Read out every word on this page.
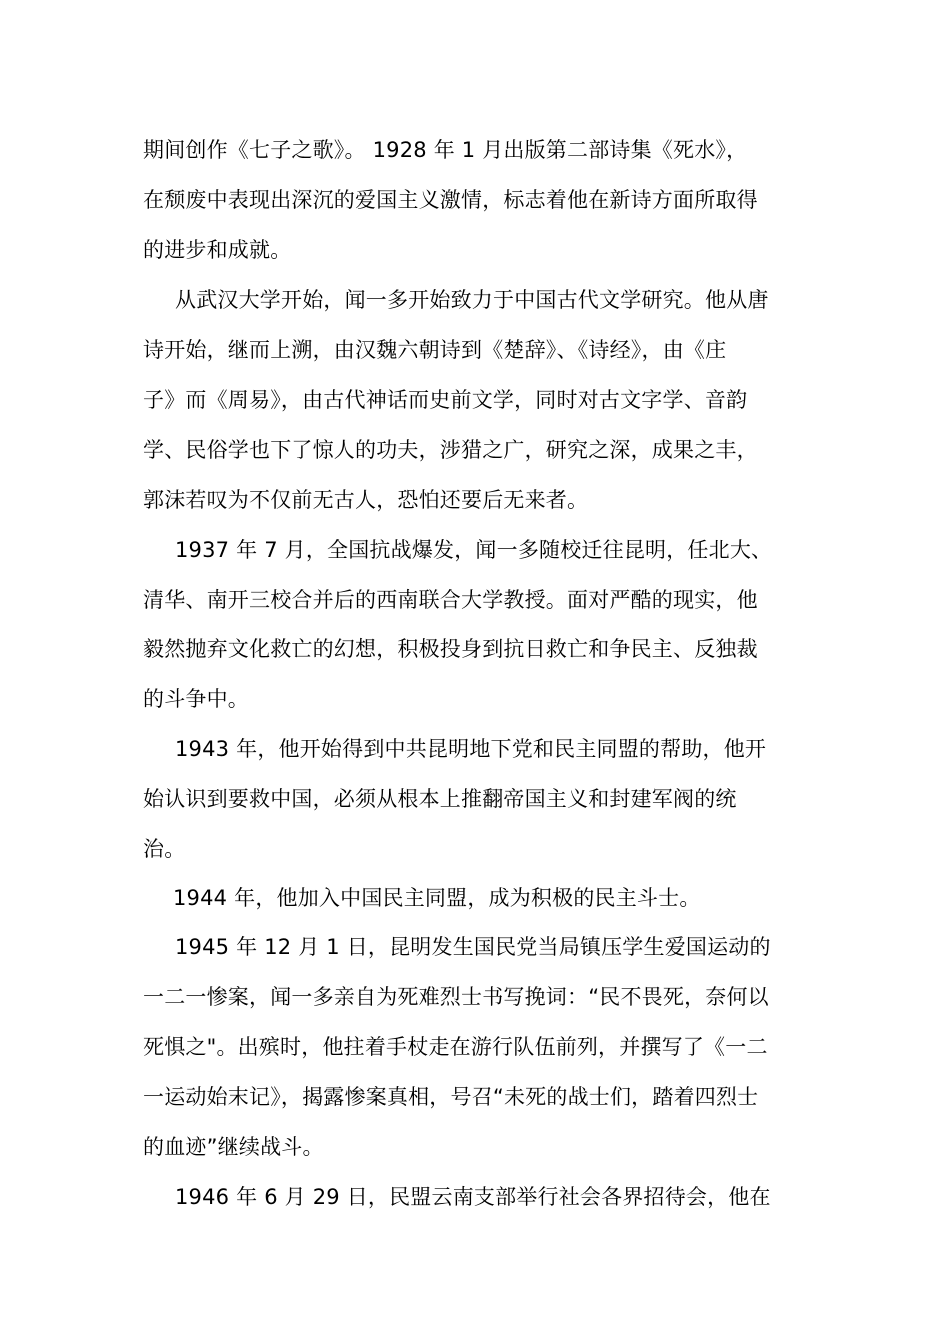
期间创作《七子之歌》。 1928 年 1 月出版第二部诗集《死水》，
在颓废中表现出深沉的爱国主义激情，标志着他在新诗方面所取得
的进步和成就。
从武汉大学开始，闻一多开始致力于中国古代文学研究。他从唐
诗开始，继而上溯，由汉魏六朝诗到《楚辞》、《诗经》，由《庄
子》而《周易》，由古代神话而史前文学，同时对古文字学、音韵
学、民俗学也下了惊人的功夫，涉猎之广，研究之深，成果之丰，
郭沫若叹为不仅前无古人，恐怕还要后无来者。
1937 年 7 月，全国抗战爆发，闻一多随校迁往昆明，任北大、
清华、南开三校合并后的西南联合大学教授。面对严酷的现实，他
毅然抛弃文化救亡的幻想，积极投身到抗日救亡和争民主、反独裁
的斗争中。
1943 年，他开始得到中共昆明地下党和民主同盟的帮助，他开
始认识到要救中国，必须从根本上推翻帝国主义和封建军阀的统
治。
1944 年，他加入中国民主同盟，成为积极的民主斗士。
1945 年 12 月 1 日，昆明发生国民党当局镇压学生爱国运动的
一二一惨案，闻一多亲自为死难烈士书写挽词：“民不畏死，奈何以
死惧之"。出殡时，他拄着手杖走在游行队伍前列，并撰写了《一二
一运动始末记》，揭露惨案真相，号召“未死的战士们，踏着四烈士
的血迹”继续战斗。
1946 年 6 月 29 日，民盟云南支部举行社会各界招待会，他在
